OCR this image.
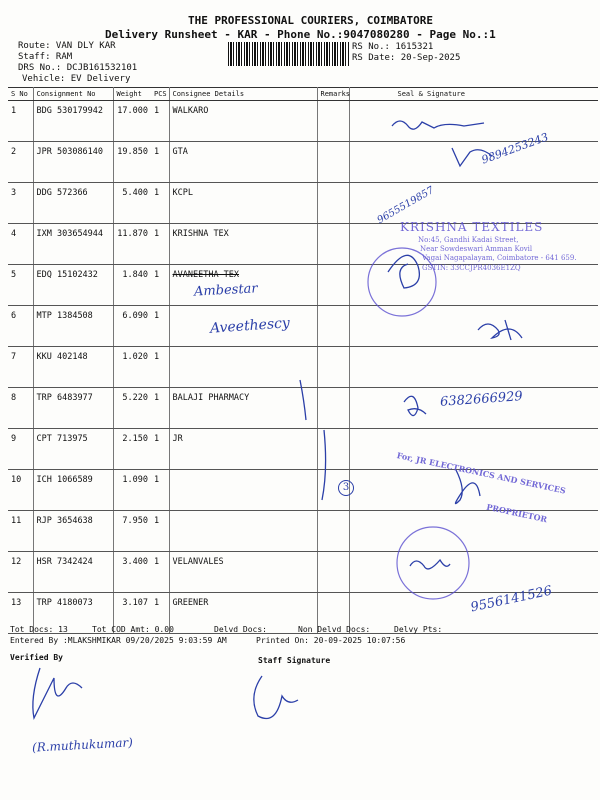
THE PROFESSIONAL COURIERS, COIMBATORE
Delivery Runsheet - KAR - Phone No.:9047080280 - Page No.:1
Route: VAN DLY KAR
Staff: RAM
DRS No.: DCJB161532101
Vehicle: EV Delivery
RS No.: 1615321
RS Date: 20-Sep-2025
S No	Consignment No	Weight	PCS	Consignee Details	Remarks	Seal & Signature
1	BDG 530179942	17.000	1	WALKARO		
2	JPR 503086140	19.850	1	GTA		
3	DDG 572366	5.400	1	KCPL		
4	IXM 303654944	11.870	1	KRISHNA TEX		
5	EDQ 15102432	1.840	1	AVANEETHA TEX		
6	MTP 1384508	6.090	1			
7	KKU 402148	1.020	1			
8	TRP 6483977	5.220	1	BALAJI PHARMACY		
9	CPT 713975	2.150	1	JR		
10	ICH 1066589	1.090	1			
11	RJP 3654638	7.950	1			
12	HSR 7342424	3.400	1	VELANVALES		
13	TRP 4180073	3.107	1	GREENER		
Ambestar
Aveethescy
9894253243
9655519857
6382666929
9556141526
3
(R.muthukumar)
KRISHNA TEXTILES
No:45, Gandhi Kadai Street,
Near Sowdeswari Amman Kovil
Vagai Nagapalayam, Coimbatore - 641 659.
GSTIN: 33CCJPR4036E1ZQ
For, JR ELECTRONICS AND SERVICES
PROPRIETOR
Tot Docs: 13	Tot COD Amt: 0.00	Delvd Docs:	Non Delvd Docs:	Delvy Pts:
Entered By :MLAKSHMIKAR 09/20/2025 9:03:59 AM	Printed On: 20-09-2025 10:07:56
Verified By	Staff Signature
